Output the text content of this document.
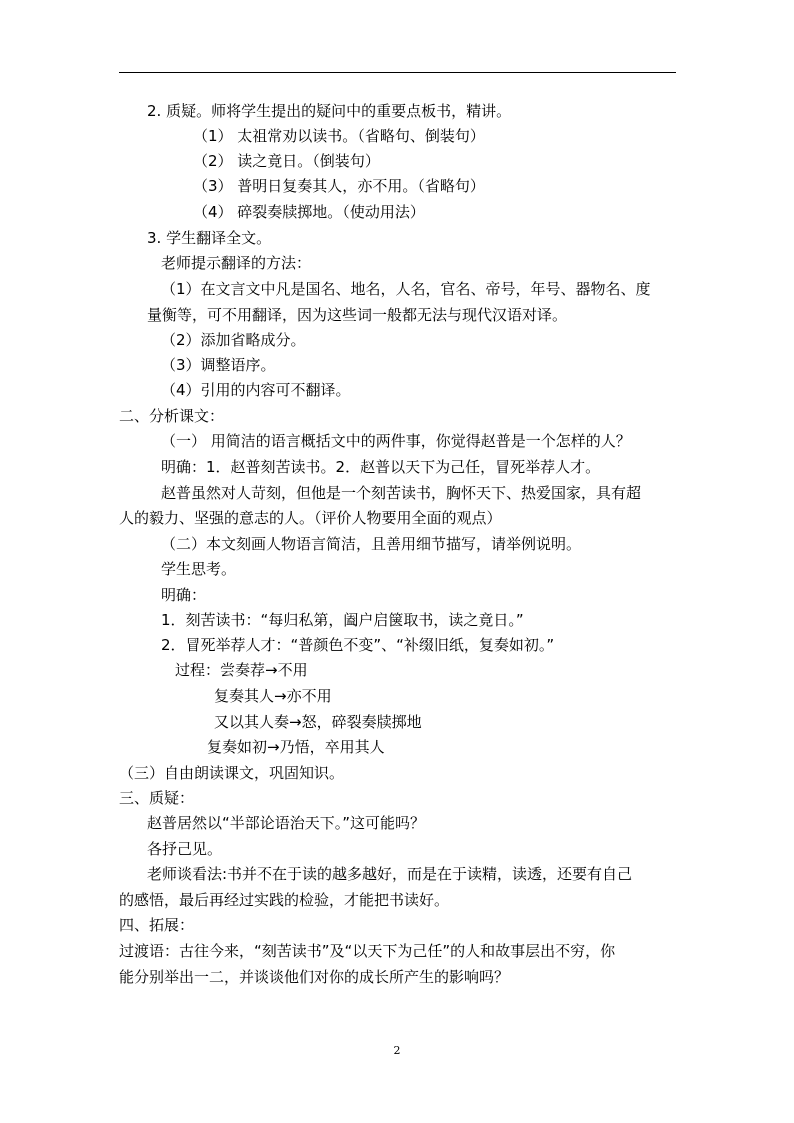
2. 质疑。师将学生提出的疑问中的重要点板书，精讲。
（1） 太祖常劝以读书。（省略句、倒装句）
（2） 读之竟日。（倒装句）
（3） 普明日复奏其人，亦不用。（省略句）
（4） 碎裂奏牍掷地。（使动用法）
3. 学生翻译全文。
老师提示翻译的方法：
（1）在文言文中凡是国名、地名，人名，官名、帝号，年号、器物名、度
量衡等，可不用翻译，因为这些词一般都无法与现代汉语对译。
（2）添加省略成分。
（3）调整语序。
（4）引用的内容可不翻译。
二、分析课文：
（一） 用简洁的语言概括文中的两件事，你觉得赵普是一个怎样的人？
明确：1．赵普刻苦读书。2．赵普以天下为己任，冒死举荐人才。
赵普虽然对人苛刻，但他是一个刻苦读书，胸怀天下、热爱国家，具有超
人的毅力、坚强的意志的人。（评价人物要用全面的观点）
（二）本文刻画人物语言简洁，且善用细节描写，请举例说明。
学生思考。
明确：
1．刻苦读书：“每归私第，阖户启箧取书，读之竟日。”
2．冒死举荐人才：“普颜色不变”、“补缀旧纸，复奏如初。”
过程：尝奏荐→不用
复奏其人→亦不用
又以其人奏→怒，碎裂奏牍掷地
复奏如初→乃悟，卒用其人
（三）自由朗读课文，巩固知识。
三、质疑：
赵普居然以“半部论语治天下。”这可能吗？
各抒己见。
老师谈看法:书并不在于读的越多越好，而是在于读精，读透，还要有自己
的感悟，最后再经过实践的检验，才能把书读好。
四、拓展：
过渡语：古往今来，“刻苦读书”及“以天下为己任”的人和故事层出不穷，你
能分别举出一二，并谈谈他们对你的成长所产生的影响吗？
2
